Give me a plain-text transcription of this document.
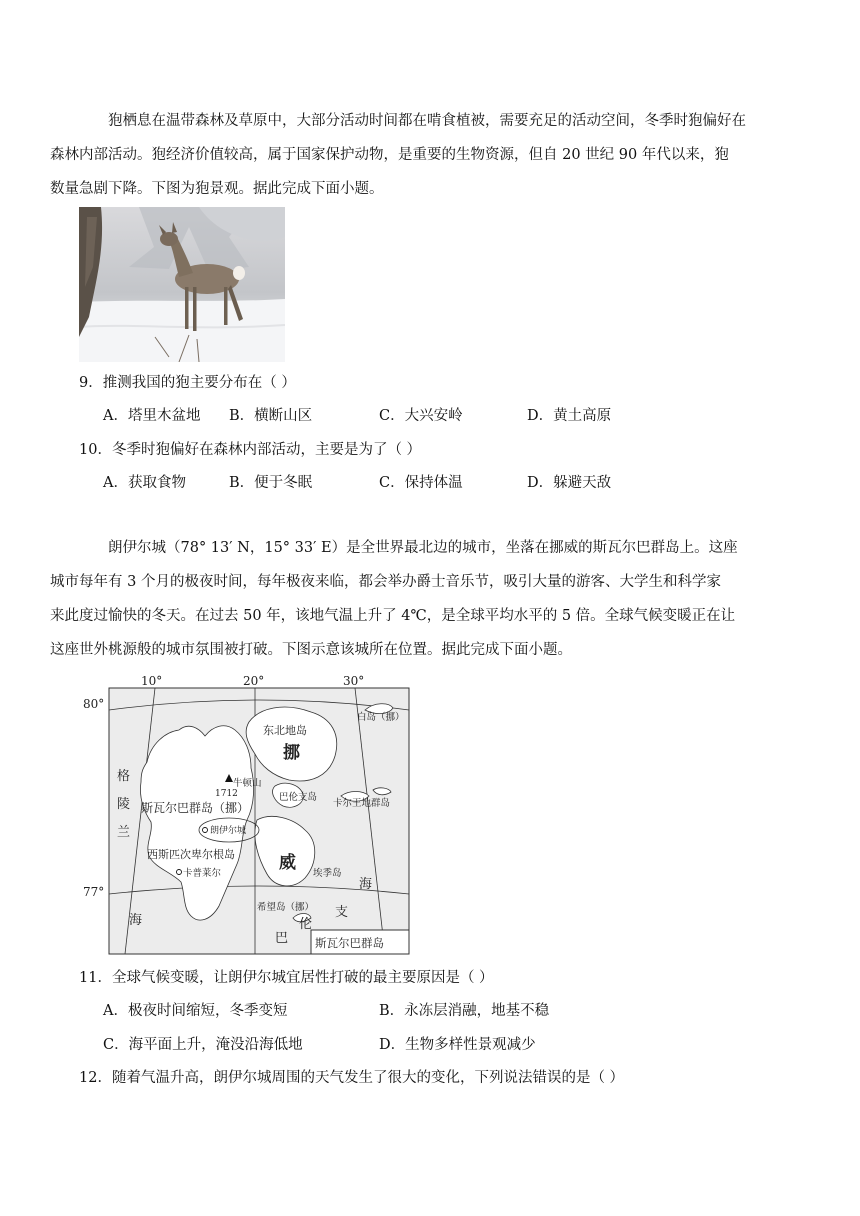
狍栖息在温带森林及草原中，大部分活动时间都在啃食植被，需要充足的活动空间，冬季时狍偏好在
森林内部活动。狍经济价值较高，属于国家保护动物，是重要的生物资源，但自 20 世纪 90 年代以来，狍
数量急剧下降。下图为狍景观。据此完成下面小题。
9．推测我国的狍主要分布在（ ）
A．塔里木盆地 B．横断山区	C．大兴安岭	D．黄土高原
10．冬季时狍偏好在森林内部活动，主要是为了（ ）
A．获取食物	B．便于冬眠	C．保持体温	D．躲避天敌
朗伊尔城（78° 13′ N，15° 33′ E）是全世界最北边的城市，坐落在挪威的斯瓦尔巴群岛上。这座
城市每年有 3 个月的极夜时间，每年极夜来临，都会举办爵士音乐节，吸引大量的游客、大学生和科学家
来此度过愉快的冬天。在过去 50 年，该地气温上升了 4℃，是全球平均水平的 5 倍。全球气候变暖正在让
这座世外桃源般的城市氛围被打破。下图示意该城所在位置。据此完成下面小题。
10°	20°	30°
80°
77°
白岛（挪）
东北地岛
挪
威
牛顿山
1712
斯瓦尔巴群岛（挪）
巴伦支岛
卡尔王地群岛
朗伊尔城
西斯匹次卑尔根岛
卡普莱尔	埃季岛
希望岛（挪）
格
陵
兰
海
巴
伦
支
海
斯瓦尔巴群岛
11．全球气候变暖，让朗伊尔城宜居性打破的最主要原因是（ ）
A．极夜时间缩短，冬季变短	B．永冻层消融，地基不稳
C．海平面上升，淹没沿海低地	D．生物多样性景观减少
12．随着气温升高，朗伊尔城周围的天气发生了很大的变化，下列说法错误的是（ ）
